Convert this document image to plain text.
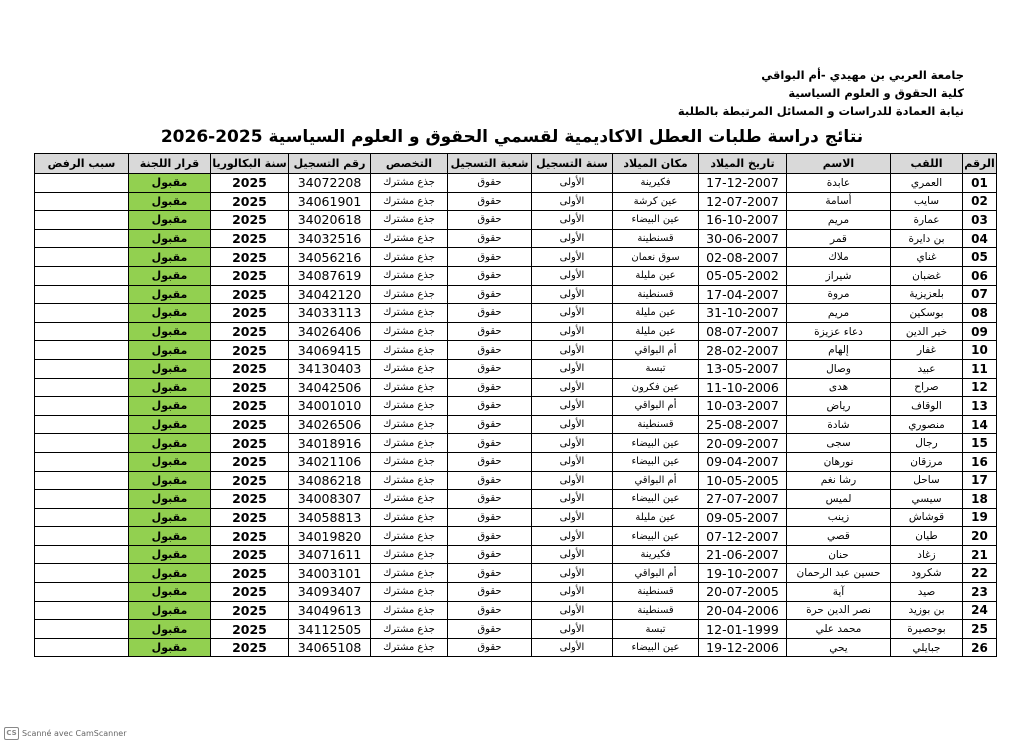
جامعة العربي بن مهيدي -أم البواقي
كلية الحقوق و العلوم السياسية
نيابة العمادة للدراسات و المسائل المرتبطة بالطلبة
نتائج دراسة طلبات العطل الاكاديمية لقسمي الحقوق و العلوم السياسية 2025-2026
الرقم	اللقب	الاسم	تاريخ الميلاد	مكان الميلاد	سنة التسجيل	شعبة التسجيل	التخصص	رقم التسجيل	سنة البكالوريا	قرار اللجنة	سبب الرفض
01	العمري	عابدة	17-12-2007	فكيرينة	الأولى	حقوق	جذع مشترك	34072208	2025	مقبول	
02	سايب	أسامة	12-07-2007	عين كرشة	الأولى	حقوق	جذع مشترك	34061901	2025	مقبول	
03	عمارة	مريم	16-10-2007	عين البيضاء	الأولى	حقوق	جذع مشترك	34020618	2025	مقبول	
04	بن دايرة	قمر	30-06-2007	قسنطينة	الأولى	حقوق	جذع مشترك	34032516	2025	مقبول	
05	غناي	ملاك	02-08-2007	سوق نعمان	الأولى	حقوق	جذع مشترك	34056216	2025	مقبول	
06	غضبان	شيراز	05-05-2002	عين مليلة	الأولى	حقوق	جذع مشترك	34087619	2025	مقبول	
07	بلعزيزية	مروة	17-04-2007	قسنطينة	الأولى	حقوق	جذع مشترك	34042120	2025	مقبول	
08	بوسكين	مريم	31-10-2007	عين مليلة	الأولى	حقوق	جذع مشترك	34033113	2025	مقبول	
09	خير الدين	دعاء عزيزة	08-07-2007	عين مليلة	الأولى	حقوق	جذع مشترك	34026406	2025	مقبول	
10	غفار	إلهام	28-02-2007	أم البواقي	الأولى	حقوق	جذع مشترك	34069415	2025	مقبول	
11	عبيد	وصال	13-05-2007	تبسة	الأولى	حقوق	جذع مشترك	34130403	2025	مقبول	
12	صراح	هدى	11-10-2006	عين فكرون	الأولى	حقوق	جذع مشترك	34042506	2025	مقبول	
13	الوقاف	رياض	10-03-2007	أم البواقي	الأولى	حقوق	جذع مشترك	34001010	2025	مقبول	
14	منصوري	شادة	25-08-2007	قسنطينة	الأولى	حقوق	جذع مشترك	34026506	2025	مقبول	
15	رجال	سجى	20-09-2007	عين البيضاء	الأولى	حقوق	جذع مشترك	34018916	2025	مقبول	
16	مرزقان	نورهان	09-04-2007	عين البيضاء	الأولى	حقوق	جذع مشترك	34021106	2025	مقبول	
17	ساحل	رشا نغم	10-05-2005	أم البواقي	الأولى	حقوق	جذع مشترك	34086218	2025	مقبول	
18	سيسي	لميس	27-07-2007	عين البيضاء	الأولى	حقوق	جذع مشترك	34008307	2025	مقبول	
19	قوشاش	زينب	09-05-2007	عين مليلة	الأولى	حقوق	جذع مشترك	34058813	2025	مقبول	
20	طيان	قصي	07-12-2007	عين البيضاء	الأولى	حقوق	جذع مشترك	34019820	2025	مقبول	
21	زغاد	حنان	21-06-2007	فكيرينة	الأولى	حقوق	جذع مشترك	34071611	2025	مقبول	
22	شكرود	حسين عبد الرحمان	19-10-2007	أم البواقي	الأولى	حقوق	جذع مشترك	34003101	2025	مقبول	
23	صيد	آية	20-07-2005	قسنطينة	الأولى	حقوق	جذع مشترك	34093407	2025	مقبول	
24	بن بوزيد	نصر الدين حرة	20-04-2006	قسنطينة	الأولى	حقوق	جذع مشترك	34049613	2025	مقبول	
25	بوحصيرة	محمد علي	12-01-1999	تبسة	الأولى	حقوق	جذع مشترك	34112505	2025	مقبول	
26	جبايلي	يحي	19-12-2006	عين البيضاء	الأولى	حقوق	جذع مشترك	34065108	2025	مقبول	
CS Scanné avec CamScanner
